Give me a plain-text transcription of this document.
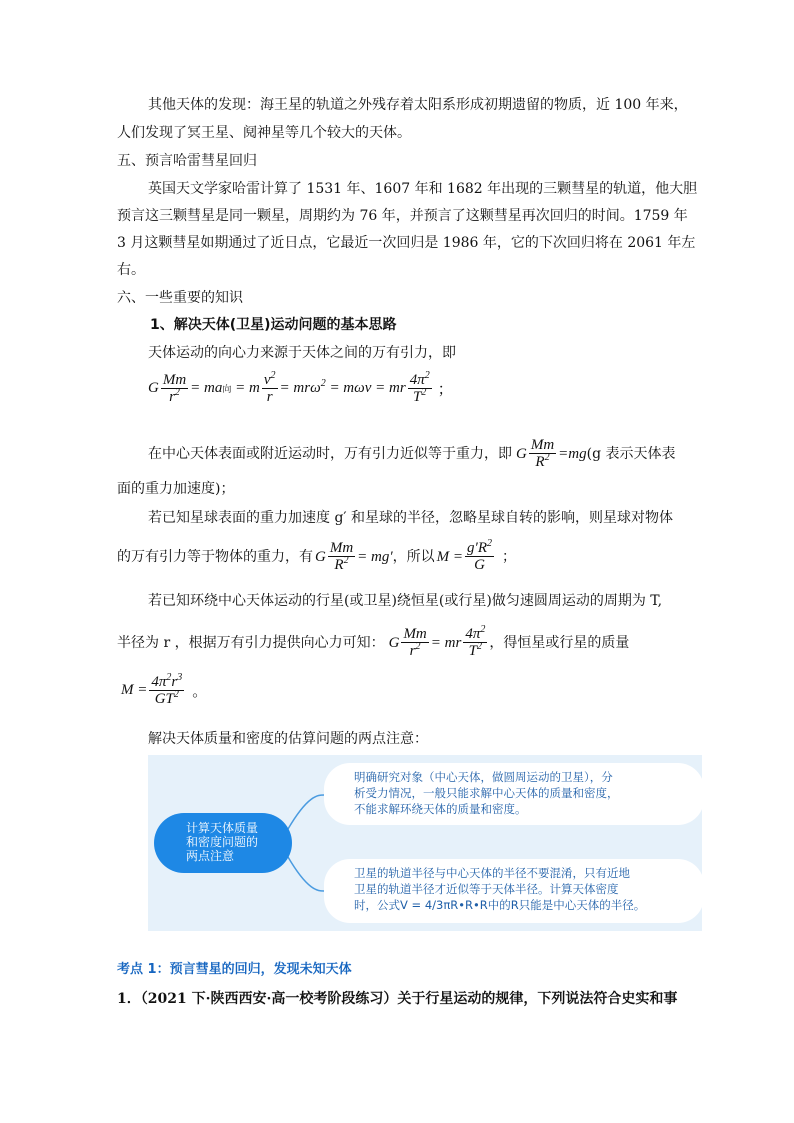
其他天体的发现：海王星的轨道之外残存着太阳系形成初期遗留的物质，近 100 年来，
人们发现了冥王星、阋神星等几个较大的天体。
五、预言哈雷彗星回归
英国天文学家哈雷计算了 1531 年、1607 年和 1682 年出现的三颗彗星的轨道，他大胆
预言这三颗彗星是同一颗星，周期约为 76 年，并预言了这颗彗星再次回归的时间。1759 年
3 月这颗彗星如期通过了近日点，它最近一次回归是 1986 年，它的下次回归将在 2061 年左
右。
六、一些重要的知识
1、解决天体(卫星)运动问题的基本思路
天体运动的向心力来源于天体之间的万有引力，即
G $\frac{Mm}{r^2}$ = ma向 = m $\frac{v^2}{r} = mr\omega^2 = m\omega v$ = mr $\frac{4\pi^2}{T^2}$ ；
在中心天体表面或附近运动时，万有引力近似等于重力，即 G $\frac{Mm}{R^2} =mg$ (g 表示天体表
面的重力加速度)；
若已知星球表面的重力加速度 g′ 和星球的半径，忽略星球自转的影响，则星球对物体
的万有引力等于物体的重力，有 G $\frac{Mm}{R^2} = mg'$ ，所以 $M = \frac{g'R^2}{G}$ ；
若已知环绕中心天体运动的行星(或卫星)绕恒星(或行星)做匀速圆周运动的周期为 T,
半径为 r ，根据万有引力提供向心力可知： G $\frac{Mm}{r^2}$ = mr $\frac{4\pi^2}{T^2}$ ，得恒星或行星的质量
$M = \frac{4\pi^2r^3}{GT^2}$ 。
解决天体质量和密度的估算问题的两点注意：
计算天体质量
和密度问题的
两点注意
明确研究对象（中心天体，做圆周运动的卫星），分
析受力情况，一般只能求解中心天体的质量和密度，
不能求解环绕天体的质量和密度。
卫星的轨道半径与中心天体的半径不要混淆，只有近地
卫星的轨道半径才近似等于天体半径。计算天体密度
时，公式V = 4/3πR•R•R中的R只能是中心天体的半径。
考点 1：预言彗星的回归，发现未知天体
1．（2021 下·陕西西安·高一校考阶段练习）关于行星运动的规律，下列说法符合史实和事
